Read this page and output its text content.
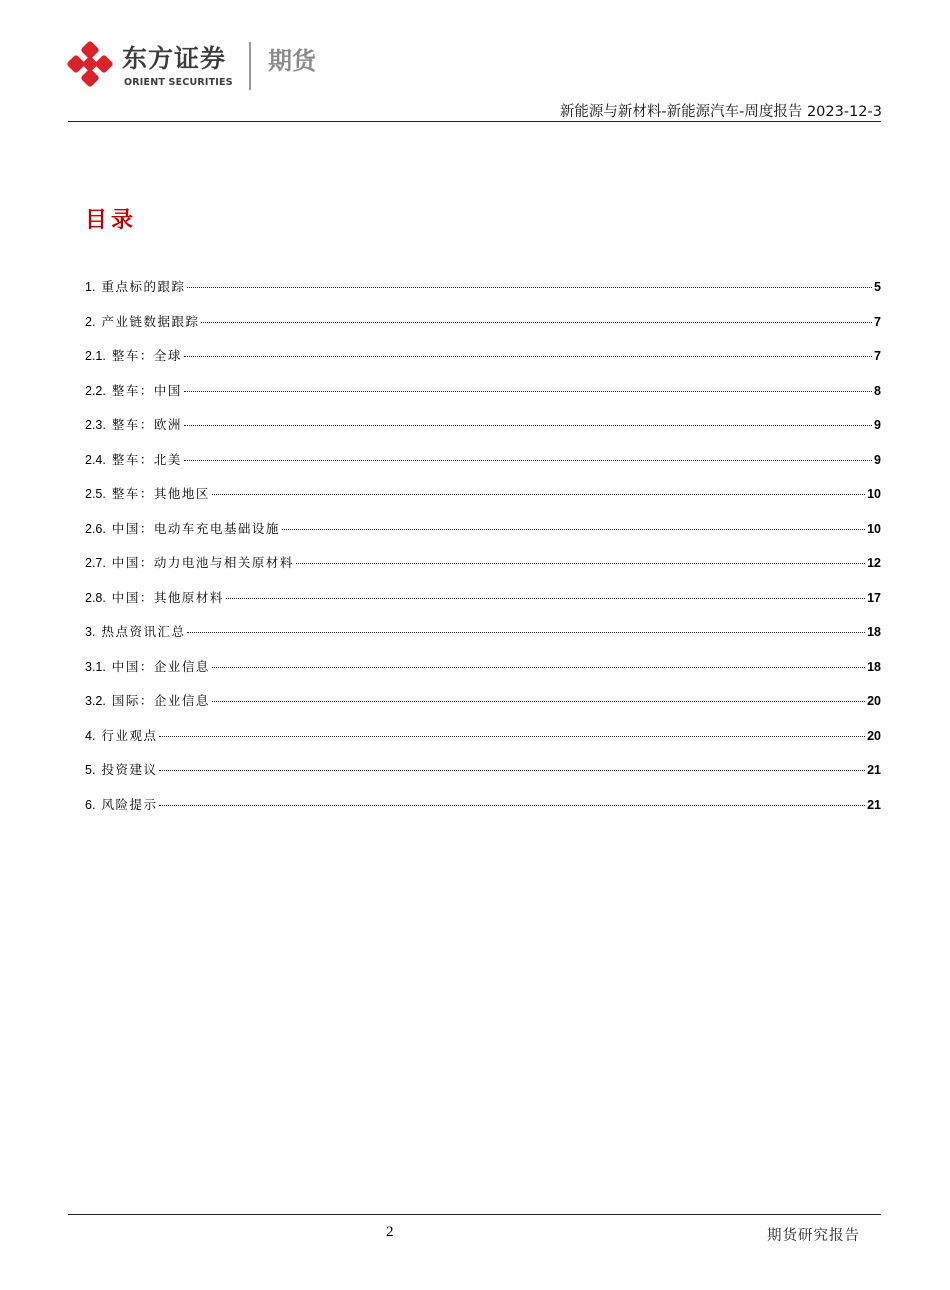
东方证券
ORIENT SECURITIES
期货
新能源与新材料-新能源汽车-周度报告 2023-12-3
目录
1. 重点标的跟踪	5
2. 产业链数据跟踪	7
2.1. 整车：全球	7
2.2. 整车：中国	8
2.3. 整车：欧洲	9
2.4. 整车：北美	9
2.5. 整车：其他地区	10
2.6. 中国：电动车充电基础设施	10
2.7. 中国：动力电池与相关原材料	12
2.8. 中国：其他原材料	17
3. 热点资讯汇总	18
3.1. 中国：企业信息	18
3.2. 国际：企业信息	20
4. 行业观点	20
5. 投资建议	21
6. 风险提示	21
2	期货研究报告
